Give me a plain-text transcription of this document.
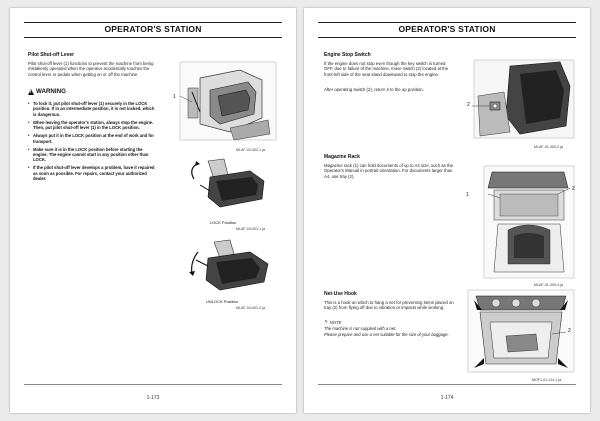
OPERATOR'S STATION
Pilot Shut-off Lever
Pilot shut-off lever (1) functions to prevent the machine from being mistakenly operated when the operator accidentally touches the control lever or pedals when getting on or off the machine.
!
WARNING
• To lock it, put pilot shut-off lever (1) securely in the LOCK position. If in an intermediate position, it is not locked, which is dangerous.
• When leaving the operator's station, always stop the engine. Then, put pilot shut-off lever (1) in the LOCK position.
• Always put it in the LOCK position at the end of work and for transport.
• Make sure it is in the LOCK position before starting the engine. The engine cannot start in any position other than LOCK.
• If the pilot shut-off lever develops a problem, have it repaired as soon as possible. For repairs, contact your authorized dealer.
1
MLAF-03-002-1 ja
LOCK Position
MLAF-03-001-1 ja
UNLOCK Position
MLAF-04-001-2 ja
1-173
OPERATOR'S STATION
Engine Stop Switch
If the engine does not stop even though the key switch is turned OFF, due to failure of the machine, move switch (2) located at the front-left side of the seat stand downward to stop the engine.
After operating switch (2), return it to the up position.
2
MLAF-01-000-2 ja
Magazine Rack
Magazine rack (1) can hold documents of up to A4 size, such as the Operator's Manual in portrait orientation. For documents larger than A4, use tray (2).
1
2
MLAF-01-000-4 ja
Net-Use Hook
This is a hook on which to hang a net for preventing items placed on tray (2) from flying off due to vibration or impacts while working.
✎ NOTE
The machine is not supplied with a net.
Please prepare and use a net suitable for the size of your baggage.
2
MOF1-01-114-1 ja
1-174
